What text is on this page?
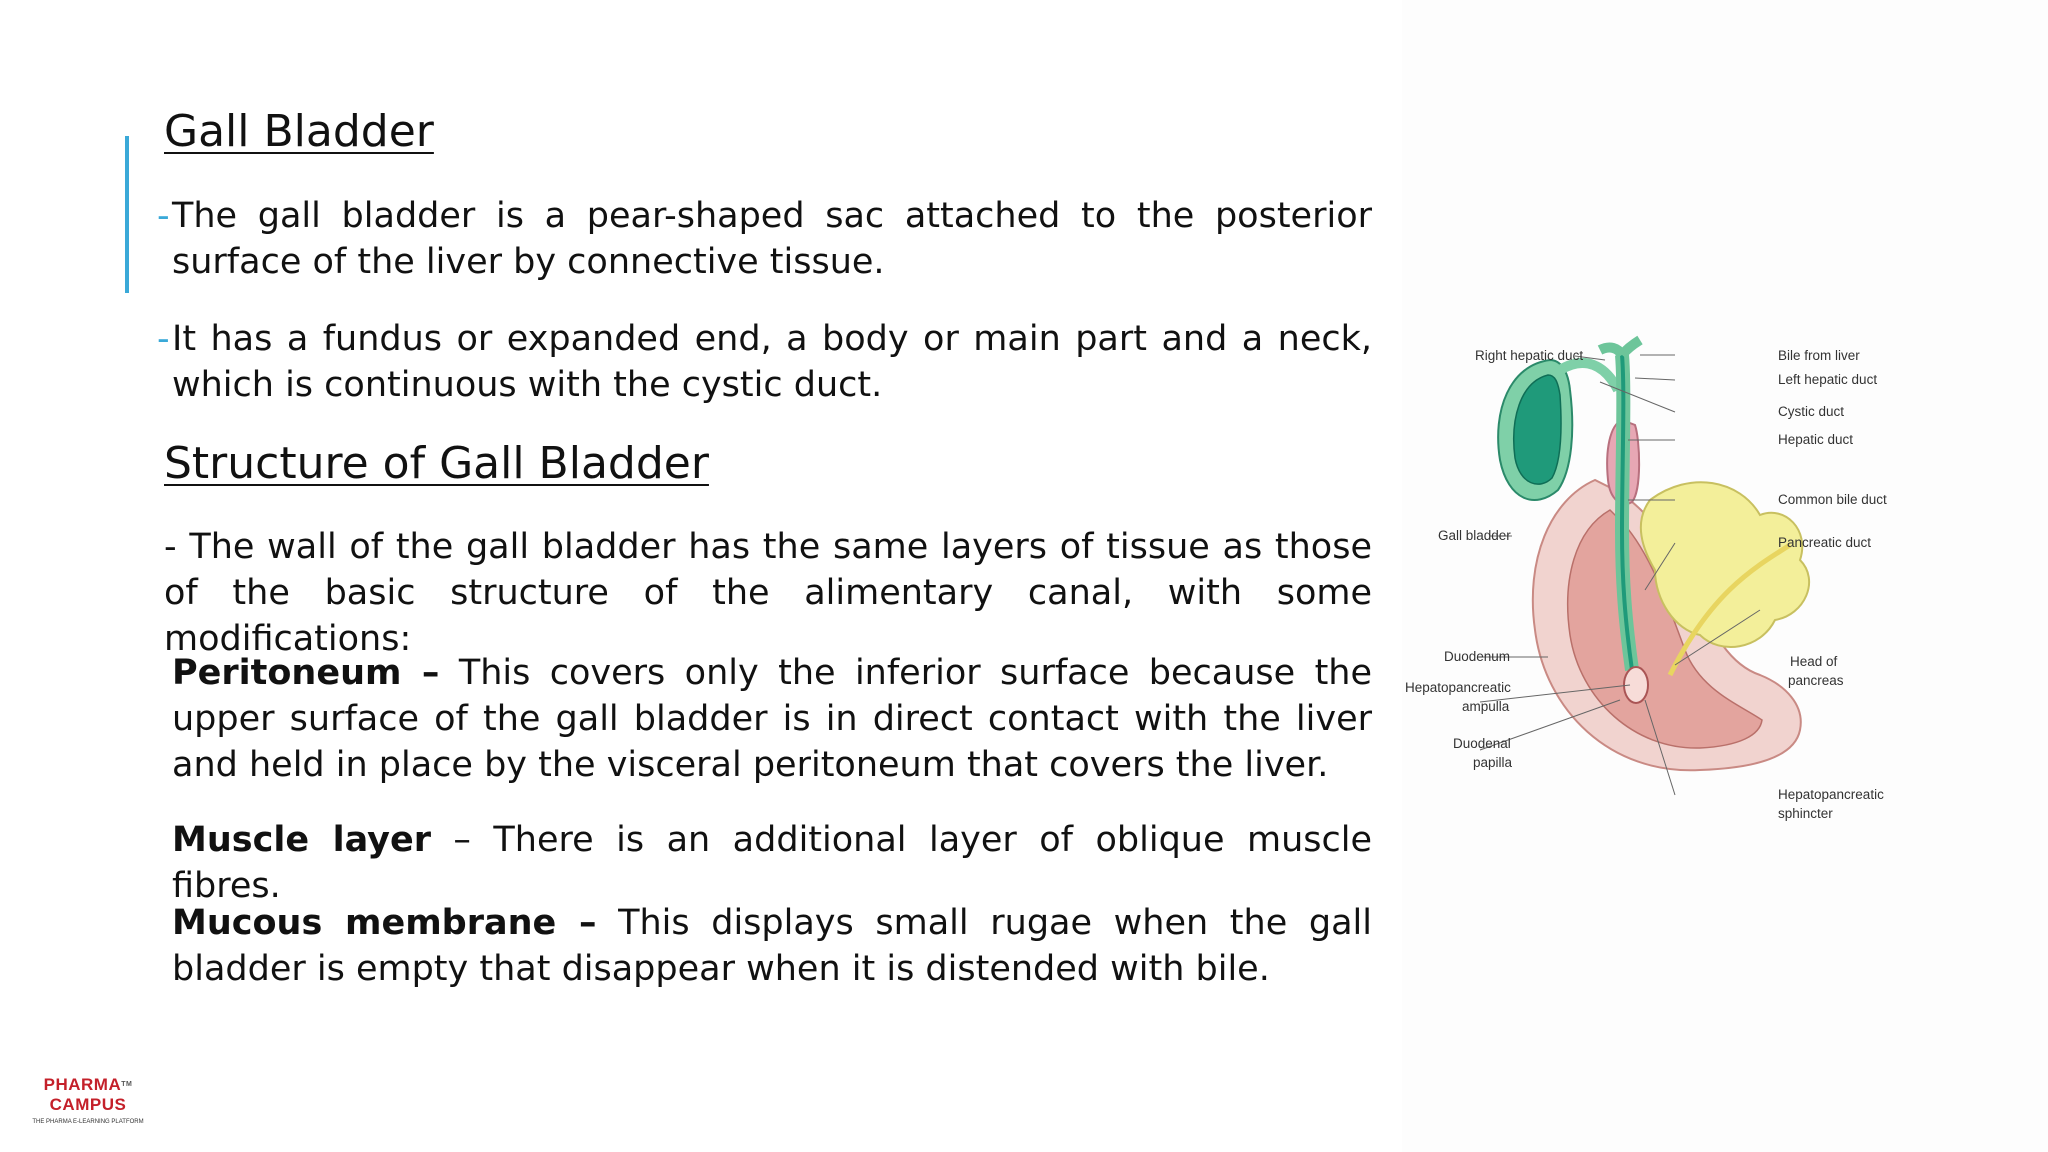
Gall Bladder

- The gall bladder is a pear-shaped sac attached to the posterior surface of the liver by connective tissue.

- It has a fundus or expanded end, a body or main part and a neck, which is continuous with the cystic duct.

Structure of Gall Bladder

- The wall of the gall bladder has the same layers of tissue as those of the basic structure of the alimentary canal, with some modifications:

Peritoneum – This covers only the inferior surface because the upper surface of the gall bladder is in direct contact with the liver and held in place by the visceral peritoneum that covers the liver.

Muscle layer – There is an additional layer of oblique muscle fibres.

Mucous membrane – This displays small rugae when the gall bladder is empty that disappear when it is distended with bile.

Right hepatic duct	Bile from liver
Left hepatic duct
Cystic duct
Hepatic duct
Common bile duct
Gall bladder	Pancreatic duct
Duodenum	Head of
pancreas
Hepatopancreatic
ampulla
Duodenal
papilla
Hepatopancreatic
sphincter
PHARMA™
CAMPUS
THE PHARMA E-LEARNING PLATFORM
